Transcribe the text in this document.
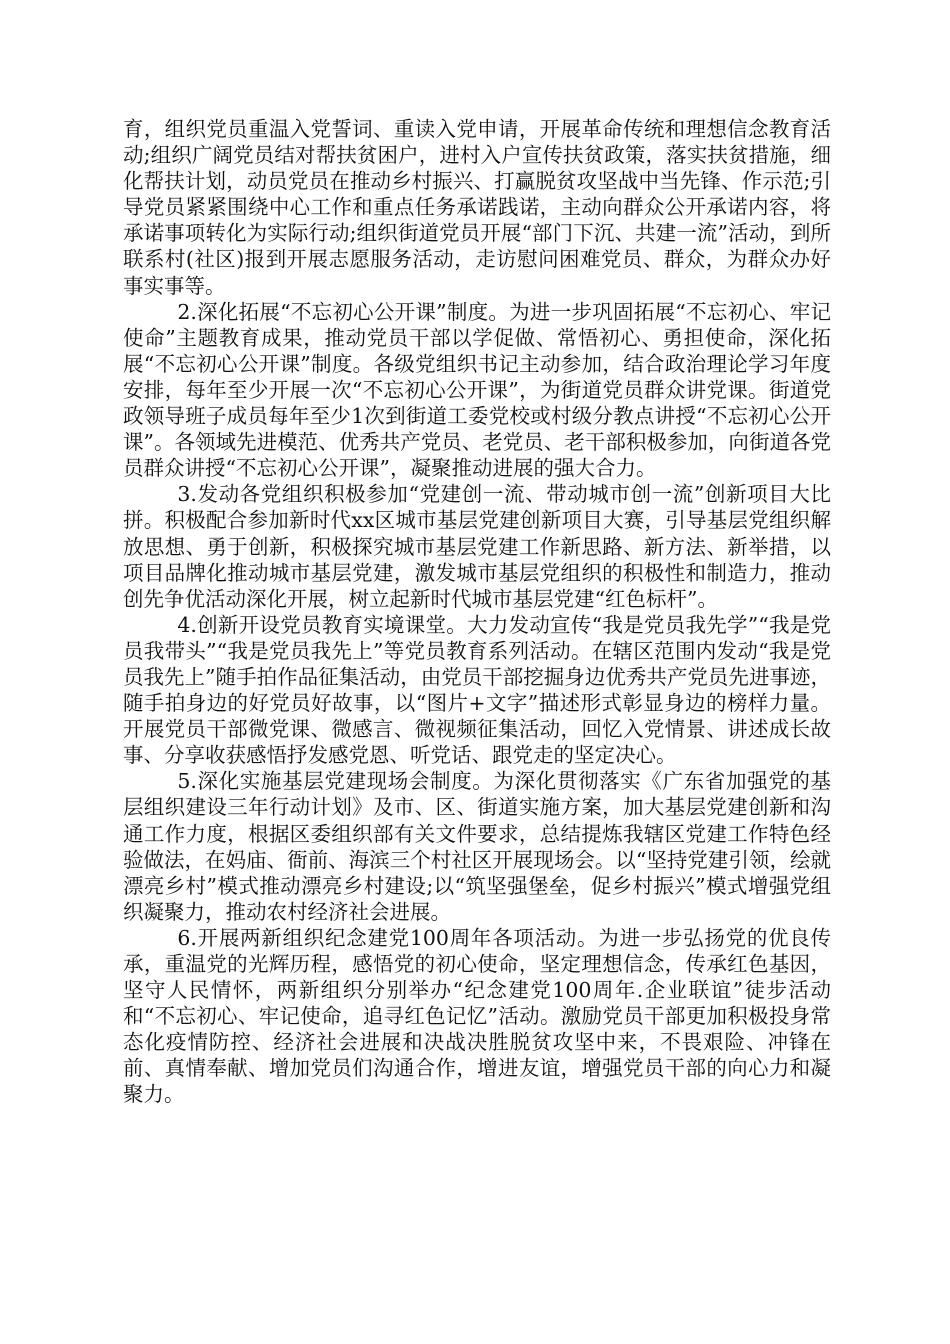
育，组织党员重温入党誓词、重读入党申请，开展革命传统和理想信念教育活动;组织广阔党员结对帮扶贫困户，进村入户宣传扶贫政策，落实扶贫措施，细化帮扶计划，动员党员在推动乡村振兴、打赢脱贫攻坚战中当先锋、作示范;引导党员紧紧围绕中心工作和重点任务承诺践诺，主动向群众公开承诺内容，将承诺事项转化为实际行动;组织街道党员开展“部门下沉、共建一流”活动，到所联系村(社区)报到开展志愿服务活动，走访慰问困难党员、群众，为群众办好事实事等。

2.深化拓展“不忘初心公开课”制度。为进一步巩固拓展“不忘初心、牢记使命”主题教育成果，推动党员干部以学促做、常悟初心、勇担使命，深化拓展“不忘初心公开课”制度。各级党组织书记主动参加，结合政治理论学习年度安排，每年至少开展一次“不忘初心公开课”，为街道党员群众讲党课。街道党政领导班子成员每年至少1次到街道工委党校或村级分教点讲授“不忘初心公开课”。各领域先进模范、优秀共产党员、老党员、老干部积极参加，向街道各党员群众讲授“不忘初心公开课”，凝聚推动进展的强大合力。

3.发动各党组织积极参加“党建创一流、带动城市创一流”创新项目大比拼。积极配合参加新时代xx区城市基层党建创新项目大赛，引导基层党组织解放思想、勇于创新，积极探究城市基层党建工作新思路、新方法、新举措，以项目品牌化推动城市基层党建，激发城市基层党组织的积极性和制造力，推动创先争优活动深化开展，树立起新时代城市基层党建“红色标杆”。

4.创新开设党员教育实境课堂。大力发动宣传“我是党员我先学”“我是党员我带头”“我是党员我先上”等党员教育系列活动。在辖区范围内发动“我是党员我先上”随手拍作品征集活动，由党员干部挖掘身边优秀共产党员先进事迹，随手拍身边的好党员好故事，以“图片+文字”描述形式彰显身边的榜样力量。开展党员干部微党课、微感言、微视频征集活动，回忆入党情景、讲述成长故事、分享收获感悟抒发感党恩、听党话、跟党走的坚定决心。

5.深化实施基层党建现场会制度。为深化贯彻落实《广东省加强党的基层组织建设三年行动计划》及市、区、街道实施方案，加大基层党建创新和沟通工作力度，根据区委组织部有关文件要求，总结提炼我辖区党建工作特色经验做法，在妈庙、衙前、海滨三个村社区开展现场会。以“坚持党建引领，绘就漂亮乡村”模式推动漂亮乡村建设;以“筑坚强堡垒，促乡村振兴”模式增强党组织凝聚力，推动农村经济社会进展。

6.开展两新组织纪念建党100周年各项活动。为进一步弘扬党的优良传承，重温党的光辉历程，感悟党的初心使命，坚定理想信念，传承红色基因，坚守人民情怀，两新组织分别举办“纪念建党100周年.企业联谊”徒步活动和“不忘初心、牢记使命，追寻红色记忆”活动。激励党员干部更加积极投身常态化疫情防控、经济社会进展和决战决胜脱贫攻坚中来，不畏艰险、冲锋在前、真情奉献、增加党员们沟通合作，增进友谊，增强党员干部的向心力和凝聚力。
